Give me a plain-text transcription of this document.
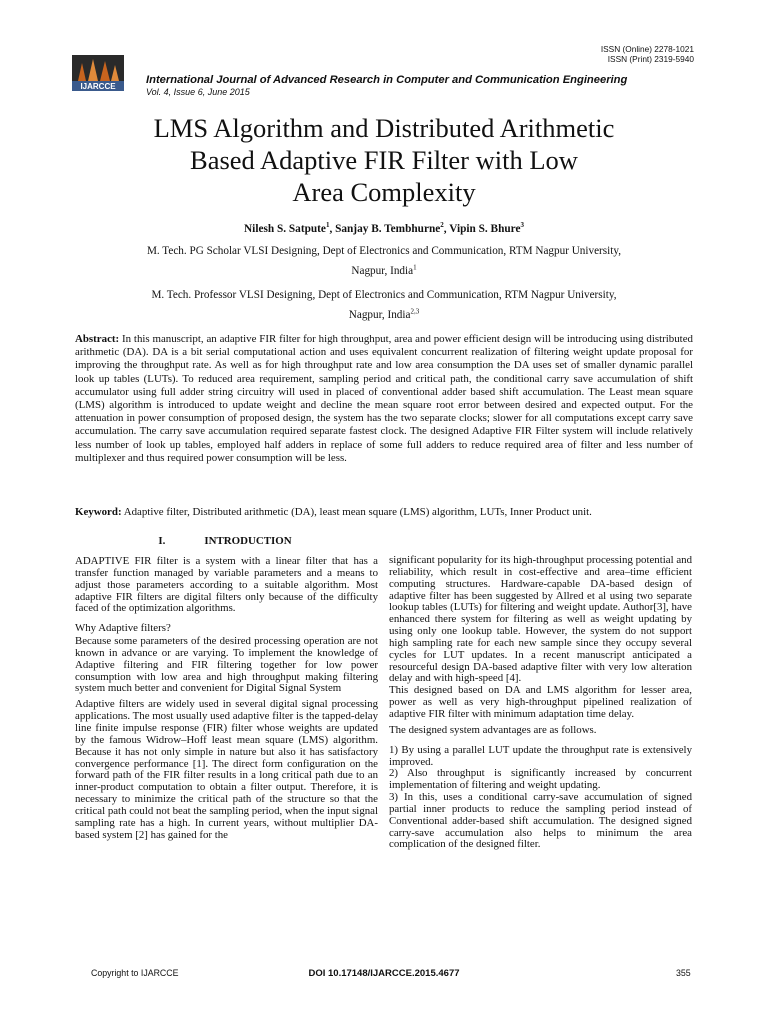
ISSN (Online) 2278-1021
ISSN (Print) 2319-5940
IJARCCE
International Journal of Advanced Research in Computer and Communication Engineering
Vol. 4, Issue 6, June 2015
LMS Algorithm and Distributed Arithmetic
Based Adaptive FIR Filter with Low
Area Complexity
Nilesh S. Satpute$^1$, Sanjay B. Tembhurne$^2$, Vipin S. Bhure$^3$
M. Tech. PG Scholar VLSI Designing, Dept of Electronics and Communication, RTM Nagpur University,
Nagpur, India$^1$
M. Tech. Professor VLSI Designing, Dept of Electronics and Communication, RTM Nagpur University,
Nagpur, India$^{2,3}$

Abstract: In this manuscript, an adaptive FIR filter for high throughput, area and power efficient design will be introducing using distributed arithmetic (DA). DA is a bit serial computational action and uses equivalent concurrent realization of filtering weight update proposal for improving the throughput rate. As well as for high throughput rate and low area consumption the DA uses set of smaller dynamic parallel look up tables (LUTs). To reduced area requirement, sampling period and critical path, the conditional carry save accumulation of shift accumulator using full adder string circuitry will used in placed of conventional adder based shift accumulation. The Least mean square (LMS) algorithm is introduced to update weight and decline the mean square root error between desired and expected output. For the attenuation in power consumption of proposed design, the system has the two separate clocks; slower for all computations except carry save accumulation. The carry save accumulation required separate fastest clock. The designed Adaptive FIR Filter system will include relatively less number of look up tables, employed half adders in replace of some full adders to reduce required area of filter and less number of multiplexer and thus required power consumption will be less.

Keyword: Adaptive filter, Distributed arithmetic (DA), least mean square (LMS) algorithm, LUTs, Inner Product unit.

I.	INTRODUCTION

ADAPTIVE FIR filter is a system with a linear filter that has a transfer function managed by variable parameters and a means to adjust those parameters according to a suitable algorithm. Most adaptive FIR filters are digital filters only because of the difficulty faced of the optimization algorithms.

Why Adaptive filters?

Because some parameters of the desired processing operation are not known in advance or are varying. To implement the knowledge of Adaptive filtering and FIR filtering together for low power consumption with low area and high throughput making filtering system much better and convenient for Digital Signal System

Adaptive filters are widely used in several digital signal processing applications. The most usually used adaptive filter is the tapped-delay line finite impulse response (FIR) filter whose weights are updated by the famous Widrow–Hoff least mean square (LMS) algorithm. Because it has not only simple in nature but also it has satisfactory convergence performance [1]. The direct form configuration on the forward path of the FIR filter results in a long critical path due to an inner-product computation to obtain a filter output. Therefore, it is necessary to minimize the critical path of the structure so that the critical path could not beat the sampling period, when the input signal sampling rate has a high. In current years, without multiplier DA-based system [2] has gained for the

significant popularity for its high-throughput processing potential and reliability, which result in cost-effective and area–time efficient computing structures. Hardware-capable DA-based design of adaptive filter has been suggested by Allred et al using two separate lookup tables (LUTs) for filtering and weight update. Author[3], have enhanced there system for filtering as well as weight updating by using only one lookup table. However, the system do not support high sampling rate for each new sample since they occupy several cycles for LUT updates. In a recent manuscript anticipated a resourceful design DA-based adaptive filter with very low alteration delay and with high-speed [4].

This designed based on DA and LMS algorithm for lesser area, power as well as very high-throughput pipelined realization of adaptive FIR filter with minimum adaptation time delay.

The designed system advantages are as follows.

1) By using a parallel LUT update the throughput rate is extensively improved.

2) Also throughput is significantly increased by concurrent implementation of filtering and weight updating.

3) In this, uses a conditional carry-save accumulation of signed partial inner products to reduce the sampling period instead of Conventional adder-based shift accumulation. The designed signed carry-save accumulation also helps to minimum the area complication of the designed filter.

Copyright to IJARCCE	DOI 10.17148/IJARCCE.2015.4677	355
